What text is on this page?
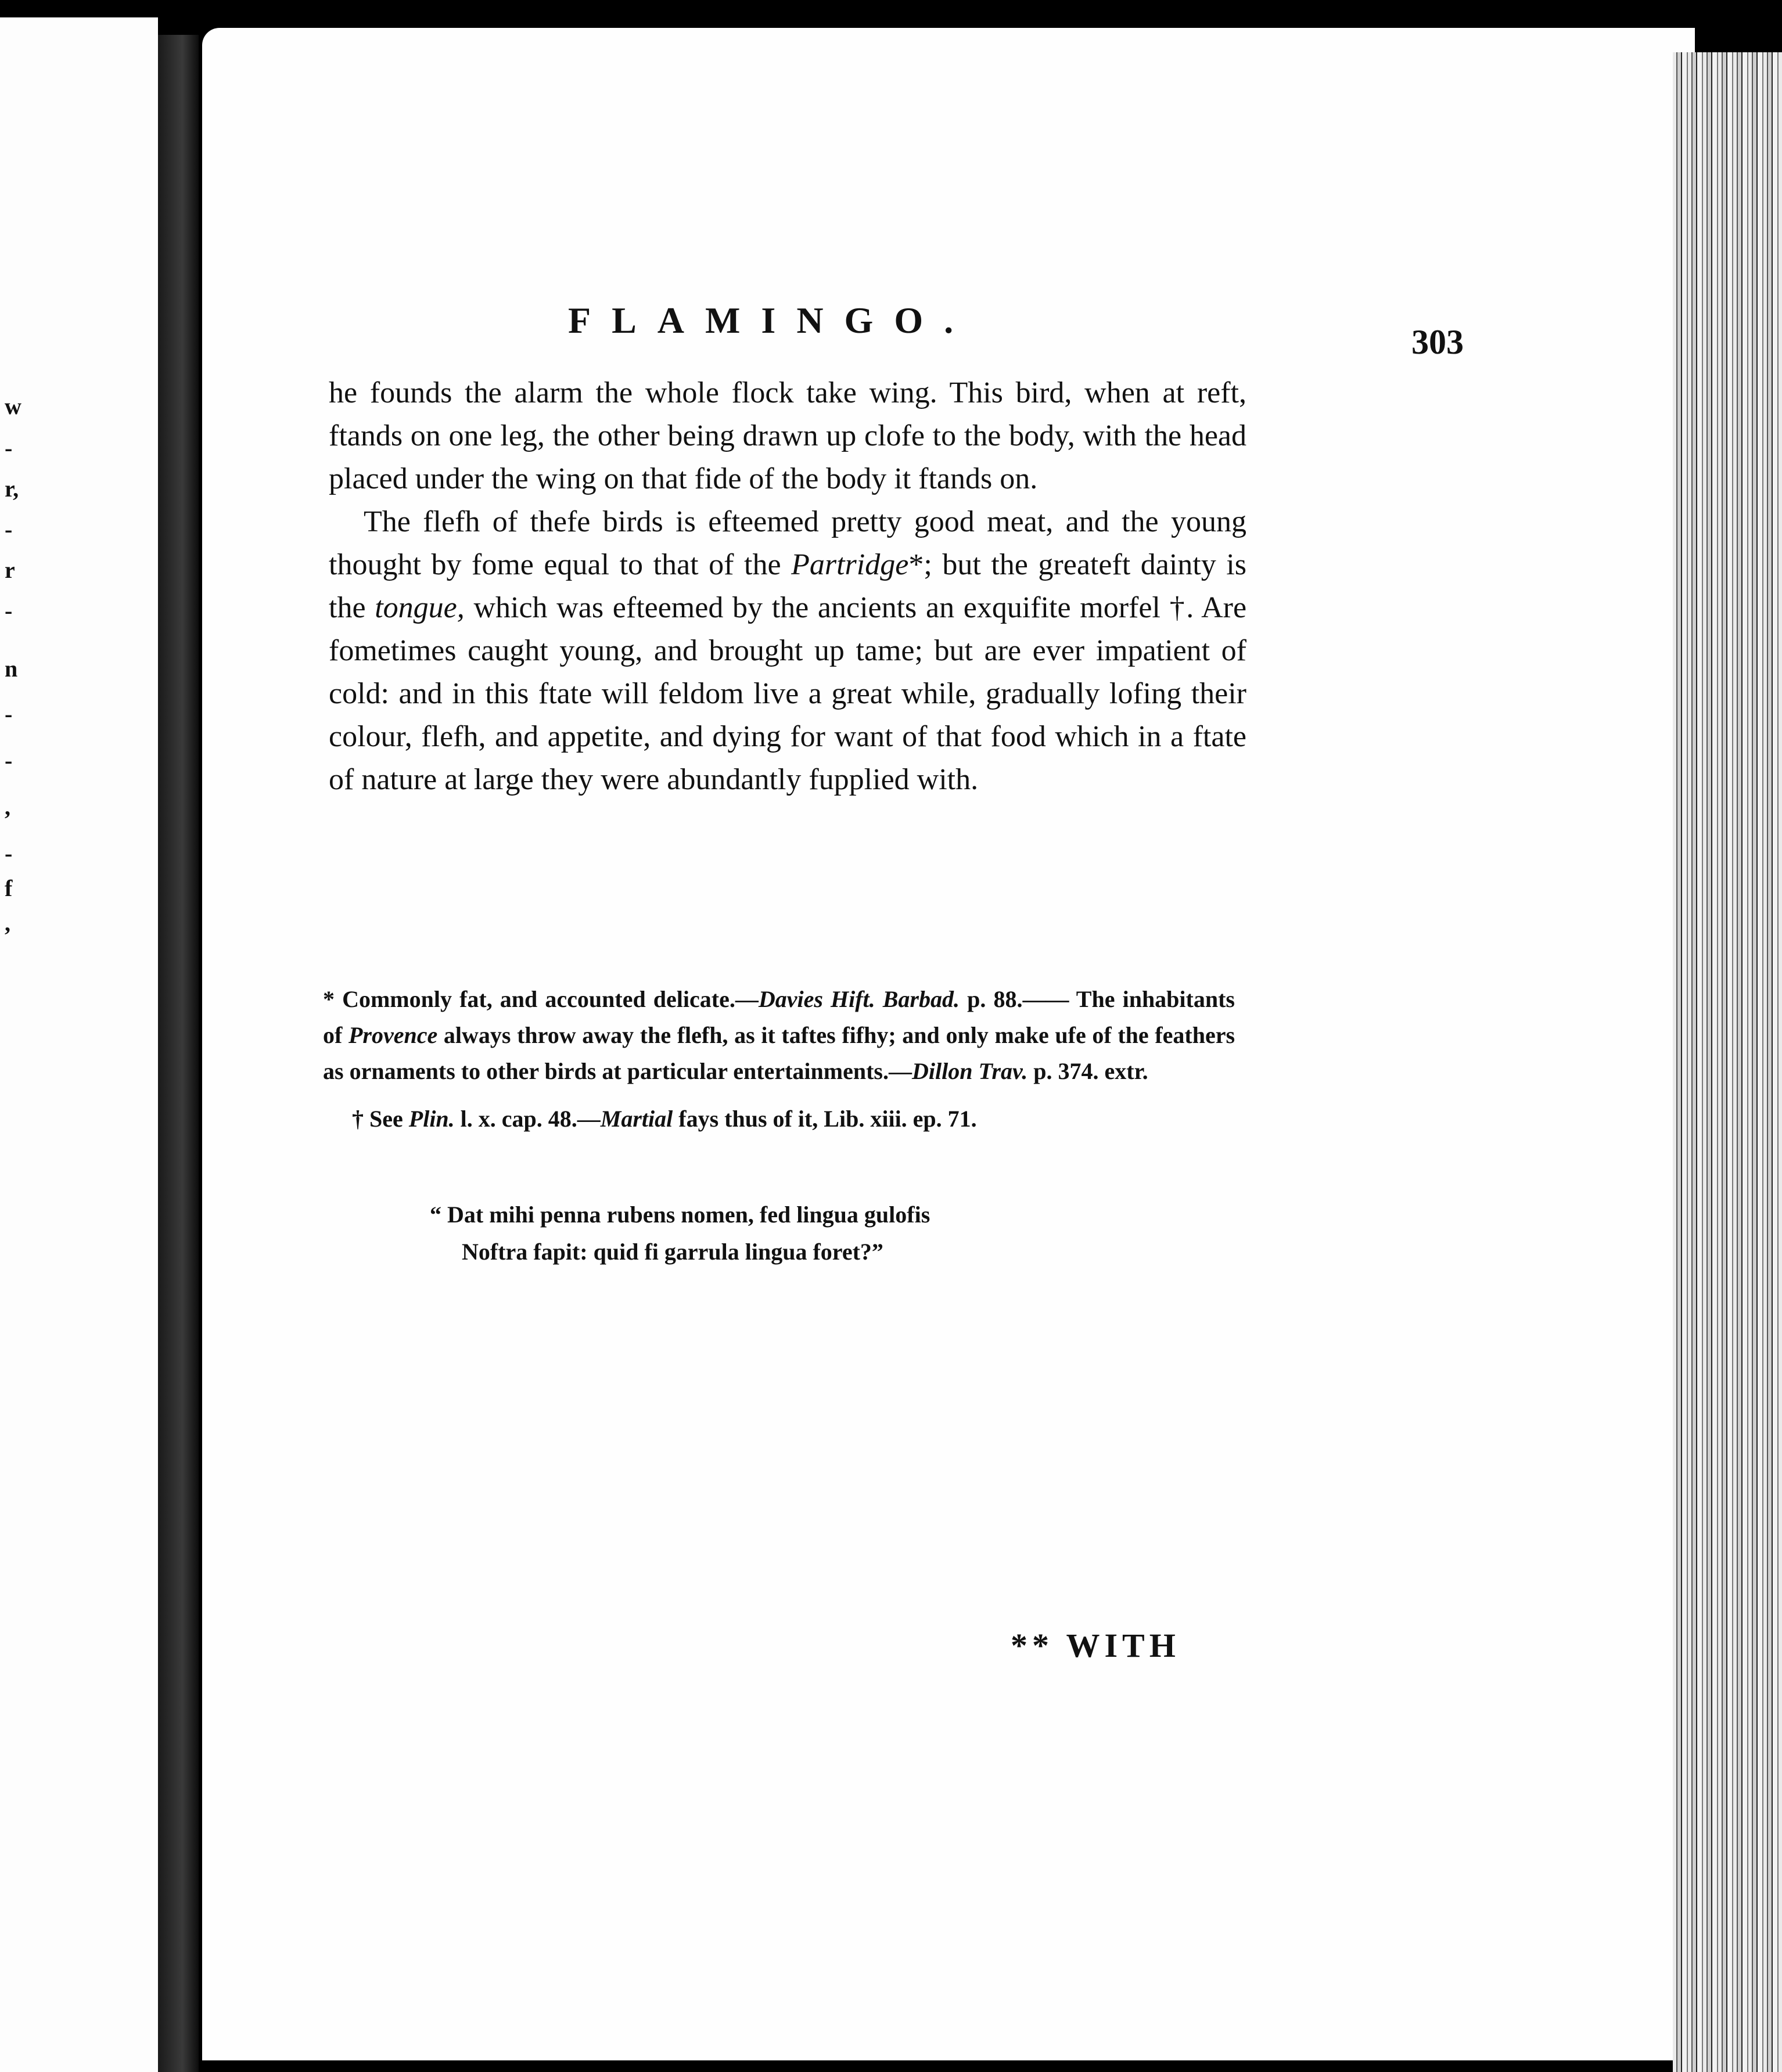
w
-
r,
-
r
-
n
-
-
,
-
f
,
FLAMINGO.
303

he founds the alarm the whole flock take wing. This bird, when at reft, ftands on one leg, the other being drawn up clofe to the body, with the head placed under the wing on that fide of the body it ftands on.

The flefh of thefe birds is efteemed pretty good meat, and the young thought by fome equal to that of the Partridge*; but the greateft dainty is the tongue, which was efteemed by the ancients an exquifite morfel †. Are fometimes caught young, and brought up tame; but are ever impatient of cold: and in this ftate will feldom live a great while, gradually lofing their colour, flefh, and appetite, and dying for want of that food which in a ftate of nature at large they were abundantly fupplied with.

* Commonly fat, and accounted delicate.—Davies Hift. Barbad. p. 88.—— The inhabitants of Provence always throw away the flefh, as it taftes fifhy; and only make ufe of the feathers as ornaments to other birds at particular entertainments.—Dillon Trav. p. 374. extr.

† See Plin. l. x. cap. 48.—Martial fays thus of it, Lib. xiii. ep. 71.

“ Dat mihi penna rubens nomen, fed lingua gulofis
Noftra fapit: quid fi garrula lingua foret?”
** WITH
